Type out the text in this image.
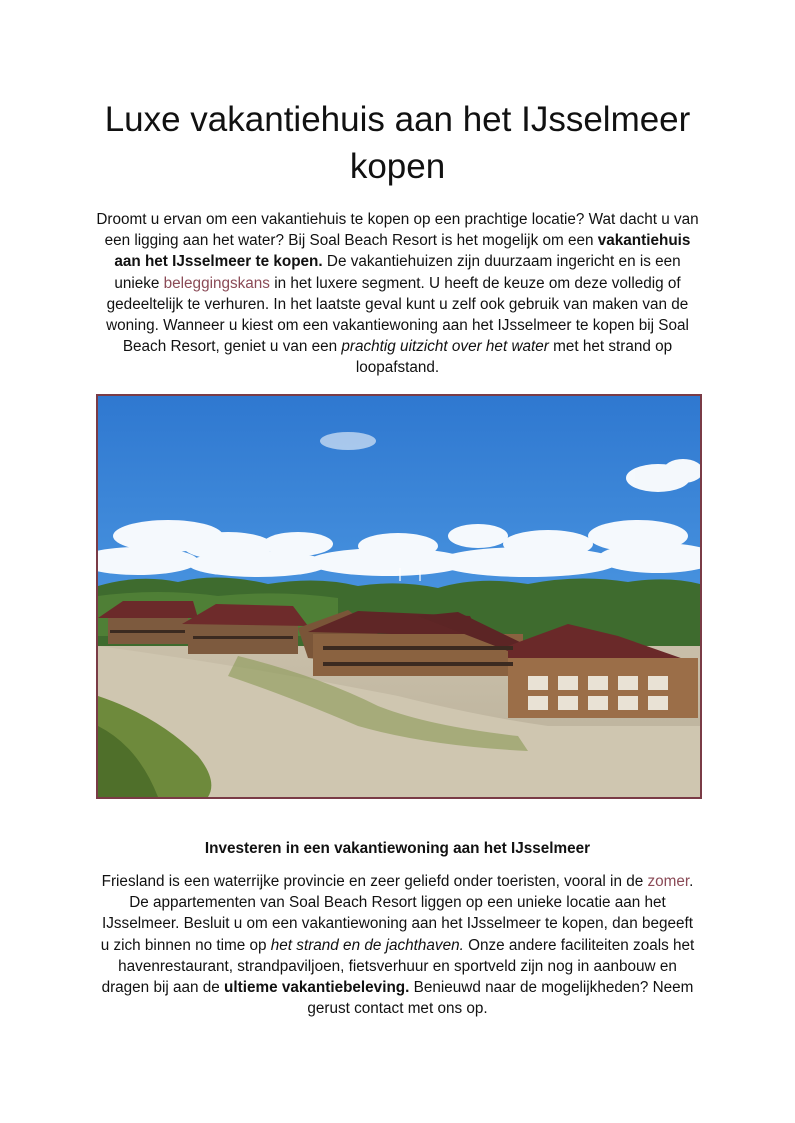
Luxe vakantiehuis aan het IJsselmeer kopen

Droomt u ervan om een vakantiehuis te kopen op een prachtige locatie? Wat dacht u van een ligging aan het water? Bij Soal Beach Resort is het mogelijk om een vakantiehuis aan het IJsselmeer te kopen. De vakantiehuizen zijn duurzaam ingericht en is een unieke beleggingskans in het luxere segment. U heeft de keuze om deze volledig of gedeeltelijk te verhuren. In het laatste geval kunt u zelf ook gebruik van maken van de woning. Wanneer u kiest om een vakantiewoning aan het IJsselmeer te kopen bij Soal Beach Resort, geniet u van een prachtig uitzicht over het water met het strand op loopafstand.

Investeren in een vakantiewoning aan het IJsselmeer

Friesland is een waterrijke provincie en zeer geliefd onder toeristen, vooral in de zomer. De appartementen van Soal Beach Resort liggen op een unieke locatie aan het IJsselmeer. Besluit u om een vakantiewoning aan het IJsselmeer te kopen, dan begeeft u zich binnen no time op het strand en de jachthaven. Onze andere faciliteiten zoals het havenrestaurant, strandpaviljoen, fietsverhuur en sportveld zijn nog in aanbouw en dragen bij aan de ultieme vakantiebeleving. Benieuwd naar de mogelijkheden? Neem gerust contact met ons op.
